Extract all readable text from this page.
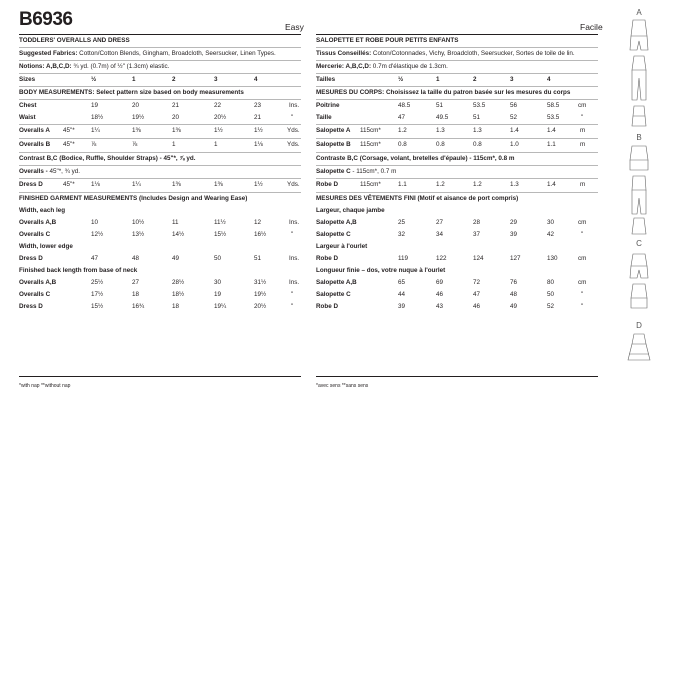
B6936	Easy	Facile
TODDLERS' OVERALLS AND DRESS
Suggested Fabrics: Cotton/Cotton Blends, Gingham, Broadcloth, Seersucker, Linen Types.
Notions: A,B,C,D: ¾ yd. (0.7m) of ½" (1.3cm) elastic.
Sizes	½	1	2	3	4
BODY MEASUREMENTS: Select pattern size based on body measurements
Chest	19	20	21	22	23	Ins.
Waist	18½	19½	20	20½	21	"
Overalls A 45"*	1¼	1⅜	1⅜	1½	1½	Yds.
Overalls B 45"*	⅞	⅞	1	1	1⅛	Yds.
Contrast B,C (Bodice, Ruffle, Shoulder Straps) - 45"*, ⅞ yd.
Overalls - 45"*, ¾ yd.
Dress D	45"*	1⅛	1¼	1⅜	1⅜	1½	Yds.
FINISHED GARMENT MEASUREMENTS (Includes Design and Wearing Ease)
Width, each leg
Overalls A,B	10	10½	11	11½	12	Ins.
Overalls C	12½	13½	14½	15½	16½	"
Width, lower edge
Dress D	47	48	49	50	51	Ins.
Finished back length from base of neck
Overalls A,B	25½	27	28½	30	31½	Ins.
Overalls C	17½	18	18½	19	19½	"
Dress D	15½	16¾	18	19¼	20½	"
*with nap **without nap
SALOPETTE ET ROBE POUR PETITS ENFANTS
Tissus Conseillés: Coton/Cotonnades, Vichy, Broadcloth, Seersucker, Sortes de toile de lin.
Mercerie: A,B,C,D: 0.7m d'élastique de 1.3cm.
Tailles	½	1	2	3	4
MESURES DU CORPS: Choisissez la taille du patron basée sur les mesures du corps
Poitrine	48.5	51	53.5	56	58.5	cm
Taille	47	49.5	51	52	53.5	"
Salopette A 115cm*	1.2	1.3	1.3	1.4	1.4	m
Salopette B 115cm*	0.8	0.8	0.8	1.0	1.1	m
Contraste B,C (Corsage, volant, bretelles d'épaule) - 115cm*, 0.8 m
Salopette C - 115cm*, 0.7 m
Robe D	115cm*	1.1	1.2	1.2	1.3	1.4	m
MESURES DES VÊTEMENTS FINI (Motif et aisance de port compris)
Largeur, chaque jambe
Salopette A,B	25	27	28	29	30	cm
Salopette C	32	34	37	39	42	"
Largeur à l'ourlet
Robe D	119	122	124	127	130	cm
Longueur finie – dos, votre nuque à l'ourlet
Salopette A,B	65	69	72	76	80	cm
Salopette C	44	46	47	48	50	"
Robe D	39	43	46	49	52	"
*avec sens **sans sens
A
B
C
D
